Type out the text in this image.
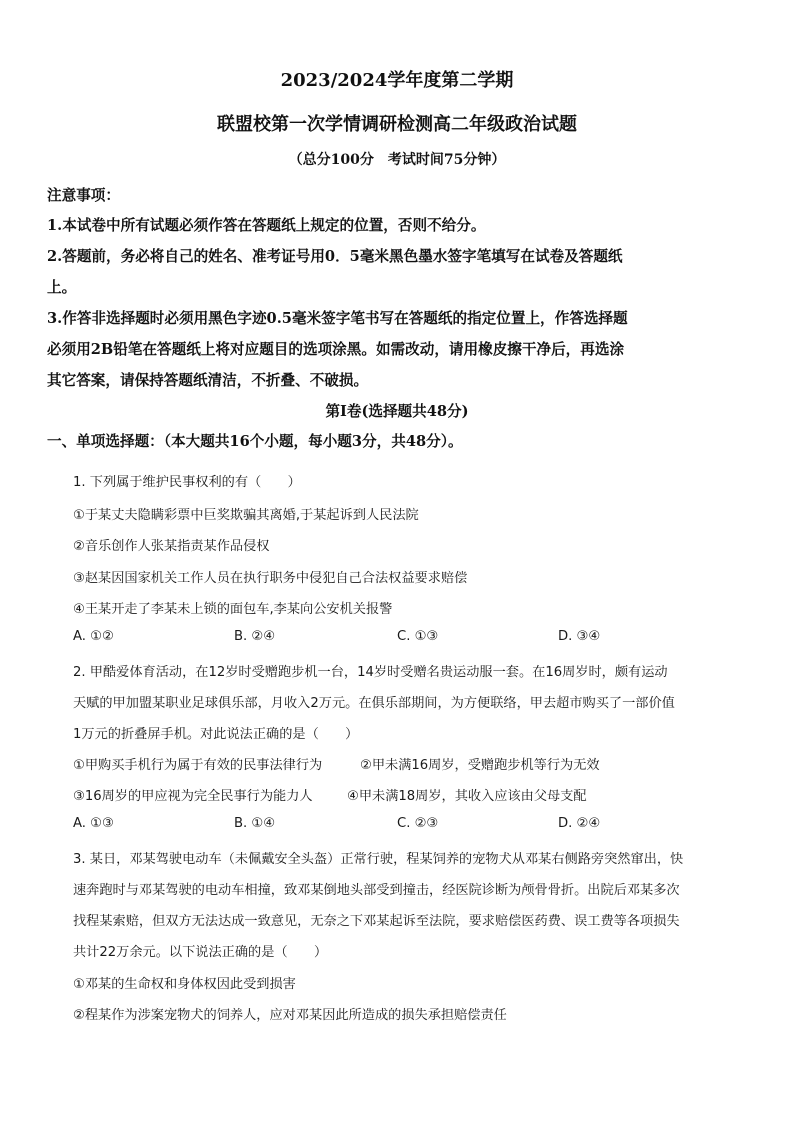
2023/2024学年度第二学期
联盟校第一次学情调研检测高二年级政治试题
（总分100分　考试时间75分钟）
注意事项：
1.本试卷中所有试题必须作答在答题纸上规定的位置，否则不给分。
2.答题前，务必将自己的姓名、准考证号用0．5毫米黑色墨水签字笔填写在试卷及答题纸
上。
3.作答非选择题时必须用黑色字迹0.5毫米签字笔书写在答题纸的指定位置上，作答选择题
必须用2B铅笔在答题纸上将对应题目的选项涂黑。如需改动，请用橡皮擦干净后，再选涂
其它答案，请保持答题纸清洁，不折叠、不破损。
第Ⅰ卷(选择题共48分)
一、单项选择题：（本大题共16个小题，每小题3分，共48分）。
1. 下列属于维护民事权利的有（　　）
①于某丈夫隐瞒彩票中巨奖欺骗其离婚,于某起诉到人民法院
②音乐创作人张某指责某作品侵权
③赵某因国家机关工作人员在执行职务中侵犯自己合法权益要求赔偿
④王某开走了李某未上锁的面包车,李某向公安机关报警
A. ①②	B. ②④	C. ①③	D. ③④
2. 甲酷爱体育活动，在12岁时受赠跑步机一台，14岁时受赠名贵运动服一套。在16周岁时，颇有运动
天赋的甲加盟某职业足球俱乐部，月收入2万元。在俱乐部期间，为方便联络，甲去超市购买了一部价值
1万元的折叠屏手机。对此说法正确的是（　　）
①甲购买手机行为属于有效的民事法律行为	②甲未满16周岁，受赠跑步机等行为无效
③16周岁的甲应视为完全民事行为能力人	④甲未满18周岁，其收入应该由父母支配
A. ①③	B. ①④	C. ②③	D. ②④
3. 某日，邓某驾驶电动车（未佩戴安全头盔）正常行驶，程某饲养的宠物犬从邓某右侧路旁突然窜出，快
速奔跑时与邓某驾驶的电动车相撞，致邓某倒地头部受到撞击，经医院诊断为颅骨骨折。出院后邓某多次
找程某索赔，但双方无法达成一致意见，无奈之下邓某起诉至法院，要求赔偿医药费、误工费等各项损失
共计22万余元。以下说法正确的是（　　）
①邓某的生命权和身体权因此受到损害
②程某作为涉案宠物犬的饲养人，应对邓某因此所造成的损失承担赔偿责任
